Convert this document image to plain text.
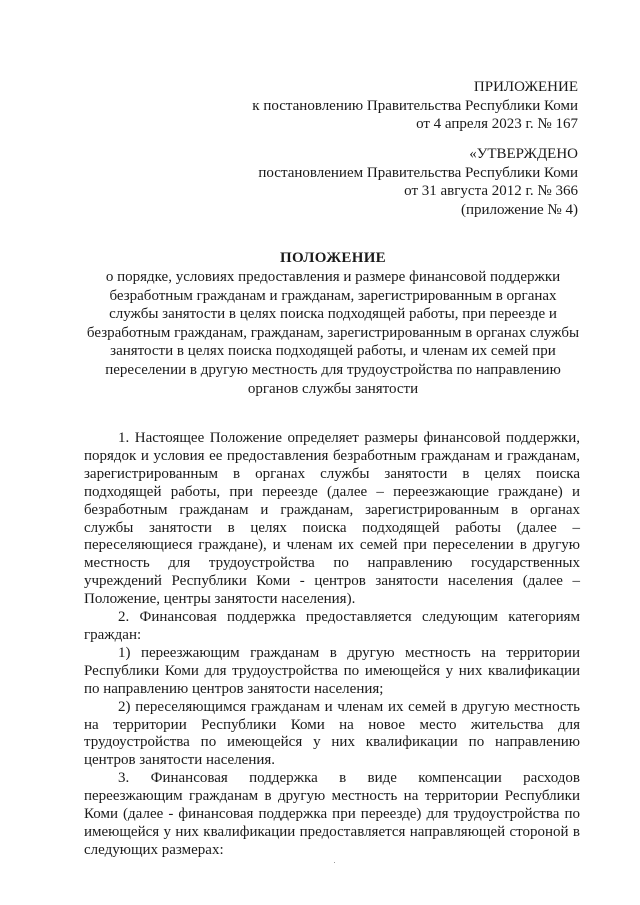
ПРИЛОЖЕНИЕ
к постановлению Правительства Республики Коми
от 4 апреля 2023 г. № 167
«УТВЕРЖДЕНО
постановлением Правительства Республики Коми
от 31 августа 2012 г. № 366
(приложение № 4)
ПОЛОЖЕНИЕ
о порядке, условиях предоставления и размере финансовой поддержки
безработным гражданам и гражданам, зарегистрированным в органах
службы занятости в целях поиска подходящей работы, при переезде и
безработным гражданам, гражданам, зарегистрированным в органах службы
занятости в целях поиска подходящей работы, и членам их семей при
переселении в другую местность для трудоустройства по направлению
органов службы занятости
1. Настоящее Положение определяет размеры финансовой поддержки,
порядок и условия ее предоставления безработным гражданам и гражданам,
зарегистрированным в органах службы занятости в целях поиска
подходящей работы, при переезде (далее – переезжающие граждане) и
безработным гражданам и гражданам, зарегистрированным в органах
службы занятости в целях поиска подходящей работы (далее –
переселяющиеся граждане), и членам их семей при переселении в другую
местность для трудоустройства по направлению государственных
учреждений Республики Коми - центров занятости населения (далее –
Положение, центры занятости населения).
2. Финансовая поддержка предоставляется следующим категориям
граждан:
1) переезжающим гражданам в другую местность на территории
Республики Коми для трудоустройства по имеющейся у них квалификации
по направлению центров занятости населения;
2) переселяющимся гражданам и членам их семей в другую местность
на территории Республики Коми на новое место жительства для
трудоустройства по имеющейся у них квалификации по направлению
центров занятости населения.
3. Финансовая поддержка в виде компенсации расходов
переезжающим гражданам в другую местность на территории Республики
Коми (далее - финансовая поддержка при переезде) для трудоустройства по
имеющейся у них квалификации предоставляется направляющей стороной в
следующих размерах:
